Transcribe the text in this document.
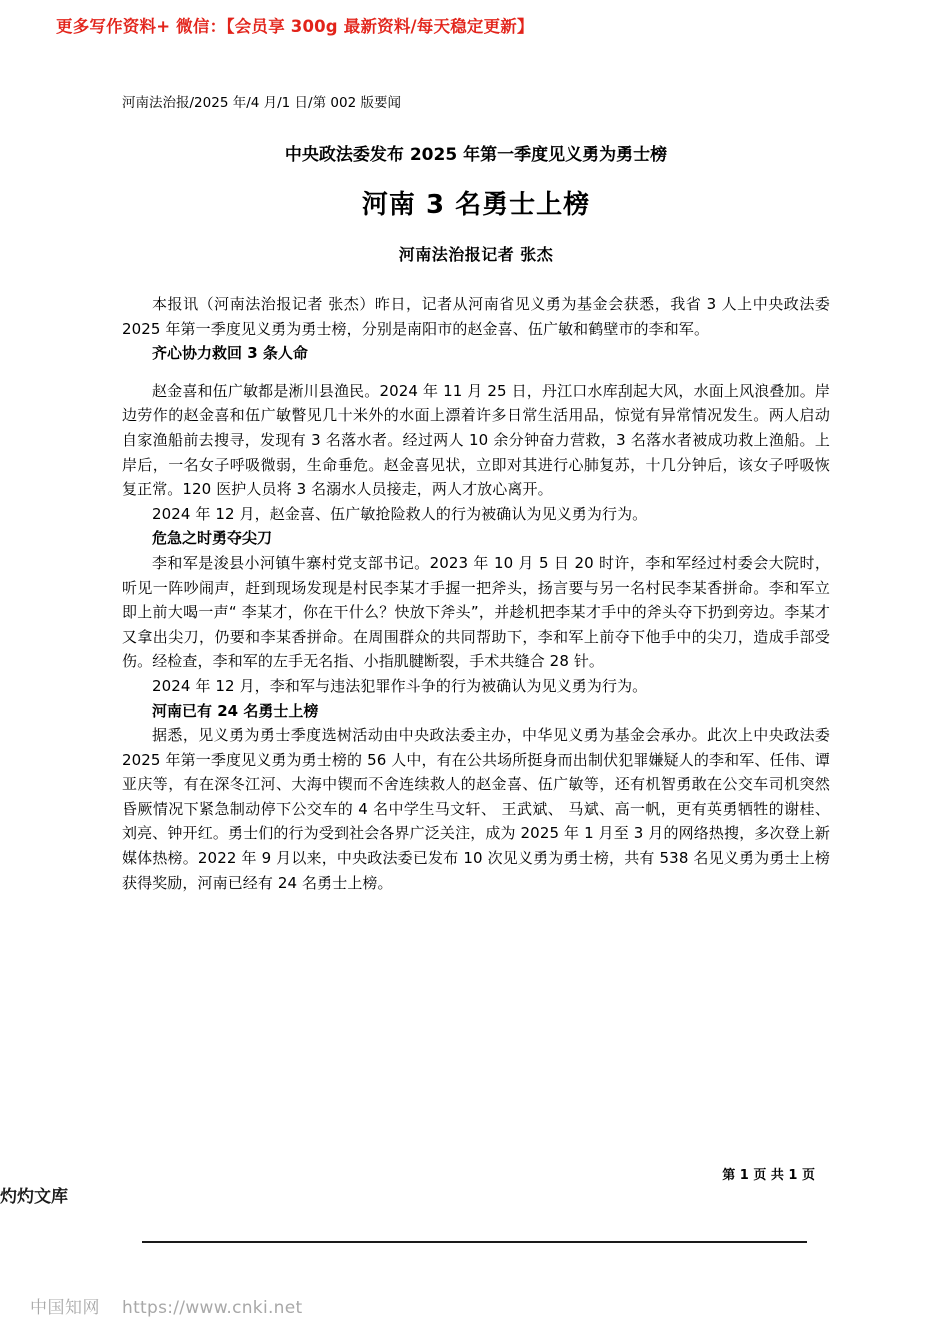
更多写作资料+ 微信：【会员享 300g 最新资料/每天稳定更新】
河南法治报/2025 年/4 月/1 日/第 002 版要闻
中央政法委发布 2025 年第一季度见义勇为勇士榜
河南 3 名勇士上榜
河南法治报记者 张杰

本报讯（河南法治报记者 张杰）昨日，记者从河南省见义勇为基金会获悉，我省 3 人上中央政法委 2025 年第一季度见义勇为勇士榜，分别是南阳市的赵金喜、伍广敏和鹤壁市的李和军。

齐心协力救回 3 条人命

赵金喜和伍广敏都是淅川县渔民。2024 年 11 月 25 日，丹江口水库刮起大风，水面上风浪叠加。岸边劳作的赵金喜和伍广敏瞥见几十米外的水面上漂着许多日常生活用品，惊觉有异常情况发生。两人启动自家渔船前去搜寻，发现有 3 名落水者。经过两人 10 余分钟奋力营救，3 名落水者被成功救上渔船。上岸后，一名女子呼吸微弱，生命垂危。赵金喜见状，立即对其进行心肺复苏，十几分钟后，该女子呼吸恢复正常。120 医护人员将 3 名溺水人员接走，两人才放心离开。

2024 年 12 月，赵金喜、伍广敏抢险救人的行为被确认为见义勇为行为。

危急之时勇夺尖刀

李和军是浚县小河镇牛寨村党支部书记。2023 年 10 月 5 日 20 时许，李和军经过村委会大院时，听见一阵吵闹声，赶到现场发现是村民李某才手握一把斧头，扬言要与另一名村民李某香拼命。李和军立即上前大喝一声“ 李某才，你在干什么？快放下斧头”，并趁机把李某才手中的斧头夺下扔到旁边。李某才又拿出尖刀，仍要和李某香拼命。在周围群众的共同帮助下，李和军上前夺下他手中的尖刀，造成手部受伤。经检查，李和军的左手无名指、小指肌腱断裂，手术共缝合 28 针。

2024 年 12 月，李和军与违法犯罪作斗争的行为被确认为见义勇为行为。

河南已有 24 名勇士上榜

据悉，见义勇为勇士季度选树活动由中央政法委主办，中华见义勇为基金会承办。此次上中央政法委 2025 年第一季度见义勇为勇士榜的 56 人中，有在公共场所挺身而出制伏犯罪嫌疑人的李和军、任伟、谭亚庆等，有在深冬江河、大海中锲而不舍连续救人的赵金喜、伍广敏等，还有机智勇敢在公交车司机突然昏厥情况下紧急制动停下公交车的 4 名中学生马文轩、 王武斌、 马斌、高一帆，更有英勇牺牲的谢桂、刘亮、钟开红。勇士们的行为受到社会各界广泛关注，成为 2025 年 1 月至 3 月的网络热搜，多次登上新媒体热榜。2022 年 9 月以来，中央政法委已发布 10 次见义勇为勇士榜，共有 538 名见义勇为勇士上榜获得奖励，河南已经有 24 名勇士上榜。

第 1 页 共 1 页
灼灼文库
中国知网 https://www.cnki.net
